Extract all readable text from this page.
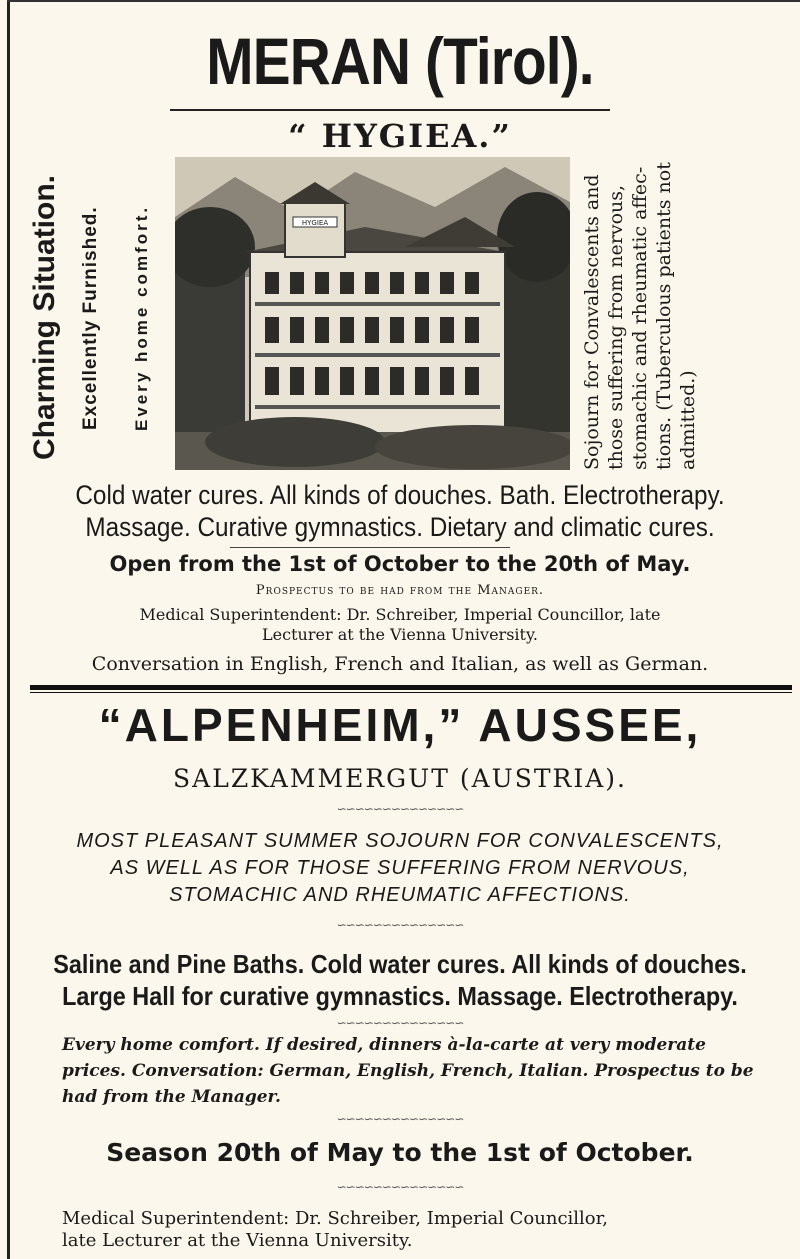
MERAN (Tirol).
“ HYGIEA.”
Charming Situation. Excellently Furnished. Every home comfort.	HYGIEA	Sojourn for Convalescents and those suffering from nervous, stomachic and rheumatic affec- tions. (Tuberculous patients not admitted.)
Cold water cures. All kinds of douches. Bath. Electrotherapy.
Massage. Curative gymnastics. Dietary and climatic cures.
Open from the 1st of October to the 20th of May.
Prospectus to be had from the Manager.
Medical Superintendent: Dr. Schreiber, Imperial Councillor, late
Lecturer at the Vienna University.
Conversation in English, French and Italian, as well as German.
“ALPENHEIM,” AUSSEE,
SALZKAMMERGUT (AUSTRIA).
∽∽∽∽∽∽∽∽∽∽∽∽∽∽
MOST PLEASANT SUMMER SOJOURN FOR CONVALESCENTS,
AS WELL AS FOR THOSE SUFFERING FROM NERVOUS,
STOMACHIC AND RHEUMATIC AFFECTIONS.
∽∽∽∽∽∽∽∽∽∽∽∽∽∽
Saline and Pine Baths. Cold water cures. All kinds of douches.
Large Hall for curative gymnastics. Massage. Electrotherapy.
∽∽∽∽∽∽∽∽∽∽∽∽∽∽
Every home comfort. If desired, dinners à-la-carte at very moderate prices. Conversation: German, English, French, Italian. Prospectus to be had from the Manager.
∽∽∽∽∽∽∽∽∽∽∽∽∽∽
Season 20th of May to the 1st of October.
∽∽∽∽∽∽∽∽∽∽∽∽∽∽
Medical Superintendent: Dr. Schreiber, Imperial Councillor,
late Lecturer at the Vienna University.
